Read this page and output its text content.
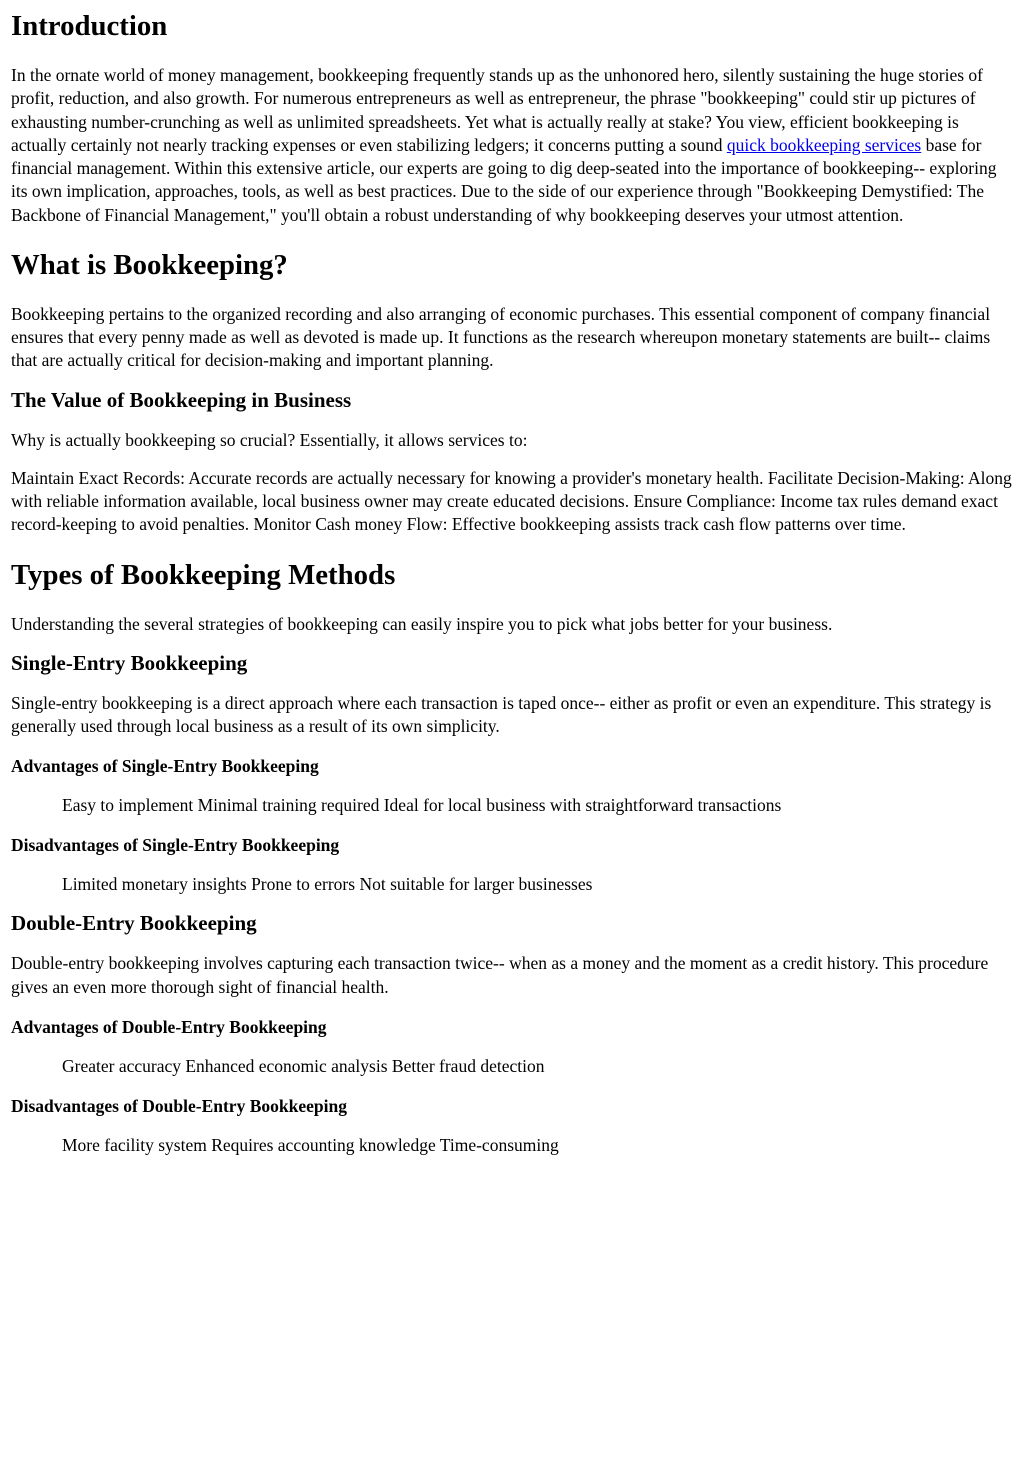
Introduction

In the ornate world of money management, bookkeeping frequently stands up as the unhonored hero, silently sustaining the huge stories of profit, reduction, and also growth. For numerous entrepreneurs as well as entrepreneur, the phrase "bookkeeping" could stir up pictures of exhausting number-crunching as well as unlimited spreadsheets. Yet what is actually really at stake? You view, efficient bookkeeping is actually certainly not nearly tracking expenses or even stabilizing ledgers; it concerns putting a sound quick bookkeeping services base for financial management. Within this extensive article, our experts are going to dig deep-seated into the importance of bookkeeping-- exploring its own implication, approaches, tools, as well as best practices. Due to the side of our experience through "Bookkeeping Demystified: The Backbone of Financial Management," you'll obtain a robust understanding of why bookkeeping deserves your utmost attention.

What is Bookkeeping?

Bookkeeping pertains to the organized recording and also arranging of economic purchases. This essential component of company financial ensures that every penny made as well as devoted is made up. It functions as the research whereupon monetary statements are built-- claims that are actually critical for decision-making and important planning.

The Value of Bookkeeping in Business

Why is actually bookkeeping so crucial? Essentially, it allows services to:

Maintain Exact Records: Accurate records are actually necessary for knowing a provider's monetary health. Facilitate Decision-Making: Along with reliable information available, local business owner may create educated decisions. Ensure Compliance: Income tax rules demand exact record-keeping to avoid penalties. Monitor Cash money Flow: Effective bookkeeping assists track cash flow patterns over time.

Types of Bookkeeping Methods

Understanding the several strategies of bookkeeping can easily inspire you to pick what jobs better for your business.

Single-Entry Bookkeeping

Single-entry bookkeeping is a direct approach where each transaction is taped once-- either as profit or even an expenditure. This strategy is generally used through local business as a result of its own simplicity.

Advantages of Single-Entry Bookkeeping
Easy to implement Minimal training required Ideal for local business with straightforward transactions
Disadvantages of Single-Entry Bookkeeping
Limited monetary insights Prone to errors Not suitable for larger businesses
Double-Entry Bookkeeping

Double-entry bookkeeping involves capturing each transaction twice-- when as a money and the moment as a credit history. This procedure gives an even more thorough sight of financial health.

Advantages of Double-Entry Bookkeeping
Greater accuracy Enhanced economic analysis Better fraud detection
Disadvantages of Double-Entry Bookkeeping
More facility system Requires accounting knowledge Time-consuming
